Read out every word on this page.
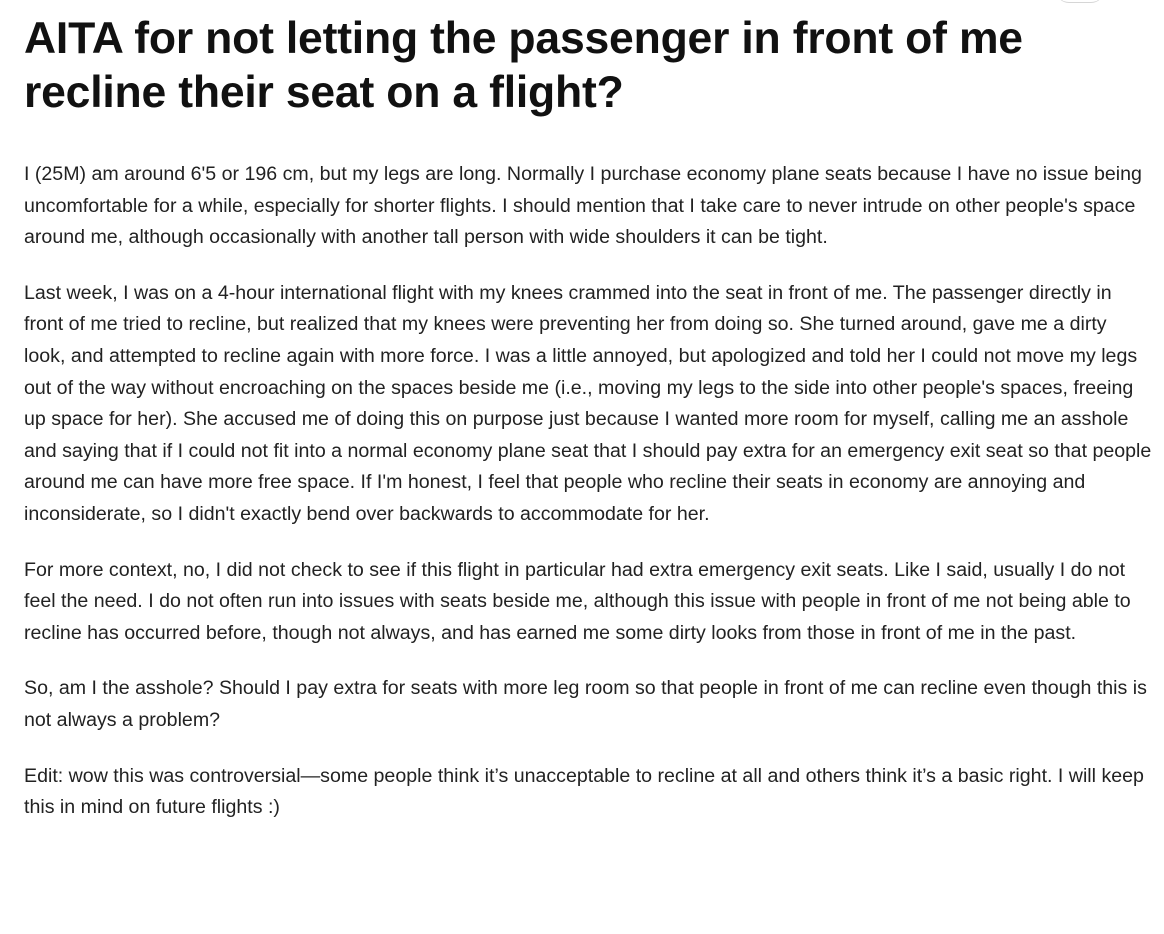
AITA for not letting the passenger in front of me recline their seat on a flight?

I (25M) am around 6'5 or 196 cm, but my legs are long. Normally I purchase economy plane seats because I have no issue being uncomfortable for a while, especially for shorter flights. I should mention that I take care to never intrude on other people's space around me, although occasionally with another tall person with wide shoulders it can be tight.

Last week, I was on a 4-hour international flight with my knees crammed into the seat in front of me. The passenger directly in front of me tried to recline, but realized that my knees were preventing her from doing so. She turned around, gave me a dirty look, and attempted to recline again with more force. I was a little annoyed, but apologized and told her I could not move my legs out of the way without encroaching on the spaces beside me (i.e., moving my legs to the side into other people's spaces, freeing up space for her). She accused me of doing this on purpose just because I wanted more room for myself, calling me an asshole and saying that if I could not fit into a normal economy plane seat that I should pay extra for an emergency exit seat so that people around me can have more free space. If I'm honest, I feel that people who recline their seats in economy are annoying and inconsiderate, so I didn't exactly bend over backwards to accommodate for her.

For more context, no, I did not check to see if this flight in particular had extra emergency exit seats. Like I said, usually I do not feel the need. I do not often run into issues with seats beside me, although this issue with people in front of me not being able to recline has occurred before, though not always, and has earned me some dirty looks from those in front of me in the past.

So, am I the asshole? Should I pay extra for seats with more leg room so that people in front of me can recline even though this is not always a problem?

Edit: wow this was controversial—some people think it’s unacceptable to recline at all and others think it’s a basic right. I will keep this in mind on future flights :)
